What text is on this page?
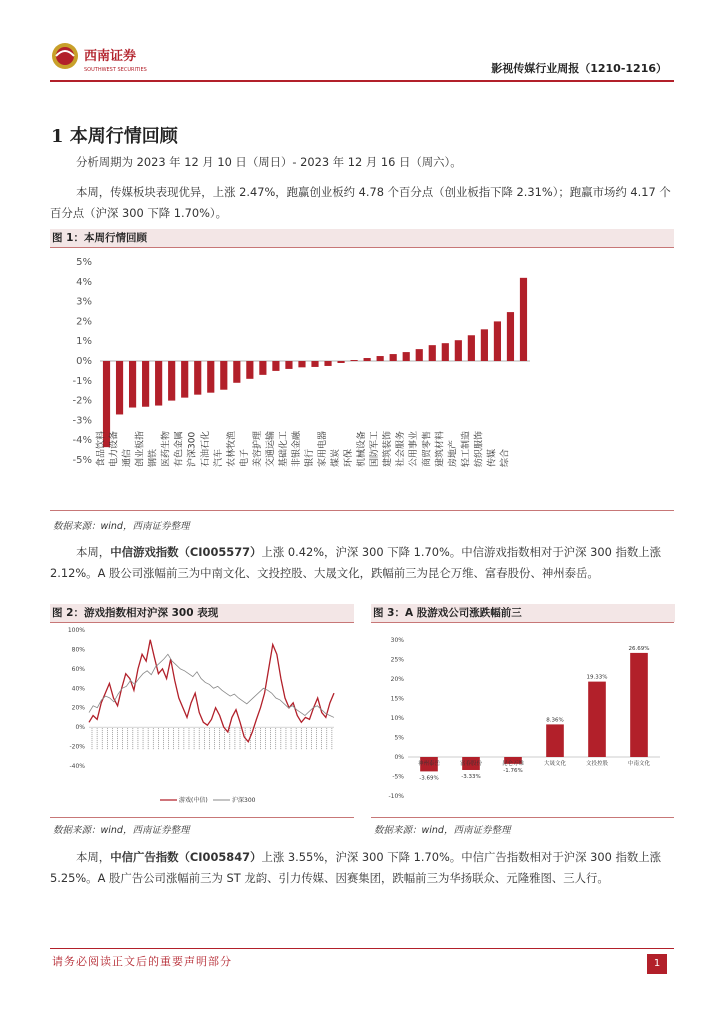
西南证券
SOUTHWEST SECURITIES	影视传媒行业周报（1210-1216）
1 本周行情回顾

分析周期为 2023 年 12 月 10 日（周日）- 2023 年 12 月 16 日（周六）。

本周，传媒板块表现优异，上涨 2.47%，跑赢创业板约 4.78 个百分点（创业板指下降 2.31%）；跑赢市场约 4.17 个百分点（沪深 300 下降 1.70%）。

图 1：本周行情回顾
5%
4%
3%
2%
1%
0%
-1%
-2%
-3%
-4%
-5% 食品饮料 电力设备 通信 创业板指 钢铁 医药生物 有色金属 沪深300 石油石化 汽车 农林牧渔 电子 美容护理 交通运输 基础化工 非银金融 银行 家用电器 煤炭 环保 机械设备 国防军工 建筑装饰 社会服务 公用事业 商贸零售 建筑材料 房地产 轻工制造 纺织服饰 传媒 综合
数据来源：wind，西南证券整理

本周，中信游戏指数（CI005577）上涨 0.42%，沪深 300 下降 1.70%。中信游戏指数相对于沪深 300 指数上涨 2.12%。A 股公司涨幅前三为中南文化、文投控股、大晟文化，跌幅前三为昆仑万维、富春股份、神州泰岳。

图 2：游戏指数相对沪深 300 表现	图 3：A 股游戏公司涨跌幅前三
100%
80%
60%
40%
20%
0%
-20%
-40%
游戏(中信)	沪深300
30%
25%
20%
15%
10%
5%
0%
-5%
-10%
-3.69%
神州泰岳
-3.33%
富春股份
-1.76%
昆仑万维
8.36%
大晟文化
19.33%
文投控股
26.69%
中南文化
数据来源：wind，西南证券整理	数据来源：wind，西南证券整理

本周，中信广告指数（CI005847）上涨 3.55%，沪深 300 下降 1.70%。中信广告指数相对于沪深 300 指数上涨 5.25%。A 股广告公司涨幅前三为 ST 龙韵、引力传媒、因赛集团，跌幅前三为华扬联众、元隆雅图、三人行。

请务必阅读正文后的重要声明部分	1
